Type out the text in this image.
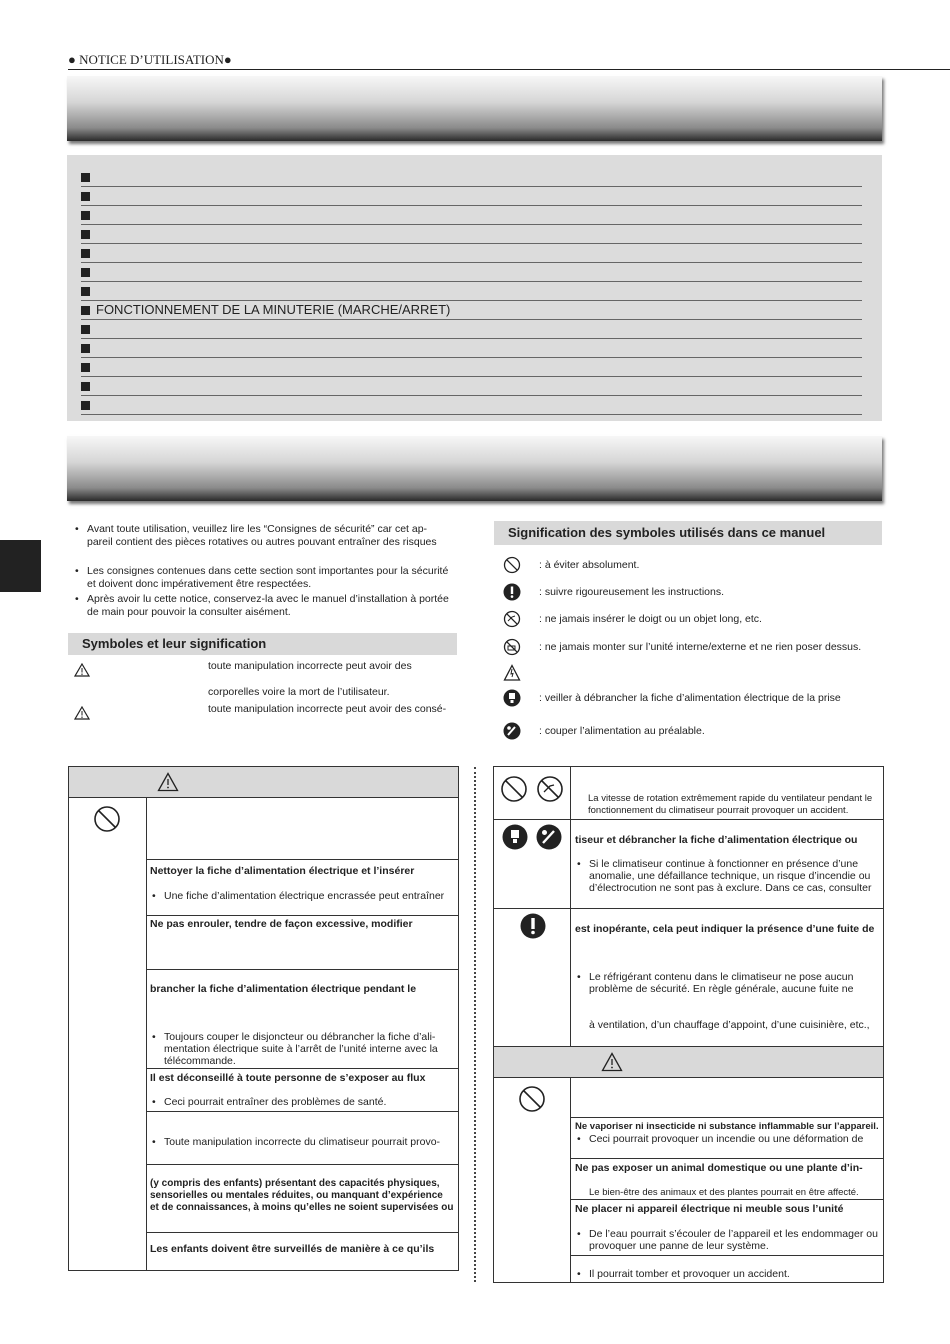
● NOTICE D’UTILISATION●
FONCTIONNEMENT DE LA MINUTERIE (MARCHE/ARRET)
• Avant toute utilisation, veuillez lire les “Consignes de sécurité” car cet ap-pareil contient des pièces rotatives ou autres pouvant entraîner des risques
• Les consignes contenues dans cette section sont importantes pour la sécurité et doivent donc impérativement être respectées.
• Après avoir lu cette notice, conservez-la avec le manuel d’installation à portée de main pour pouvoir la consulter aisément.
Symboles et leur signification
toute manipulation incorrecte peut avoir des
corporelles voire la mort de l’utilisateur.
toute manipulation incorrecte peut avoir des consé-
Signification des symboles utilisés dans ce manuel
: à éviter absolument.
: suivre rigoureusement les instructions.
: ne jamais insérer le doigt ou un objet long, etc.
: ne jamais monter sur l’unité interne/externe et ne rien poser dessus.
: veiller à débrancher la fiche d’alimentation électrique de la prise
: couper l’alimentation au préalable.
Nettoyer la fiche d’alimentation électrique et l’insérer
• Une fiche d’alimentation électrique encrassée peut entraîner
Ne pas enrouler, tendre de façon excessive, modifier
brancher la fiche d’alimentation électrique pendant le
• Toujours couper le disjoncteur ou débrancher la fiche d’ali-mentation électrique suite à l’arrêt de l’unité interne avec la télécommande.
Il est déconseillé à toute personne de s’exposer au flux
• Ceci pourrait entraîner des problèmes de santé.
• Toute manipulation incorrecte du climatiseur pourrait provo-
(y compris des enfants) présentant des capacités physiques, sensorielles ou mentales réduites, ou manquant d’expérience et de connaissances, à moins qu’elles ne soient supervisées ou
Les enfants doivent être surveillés de manière à ce qu’ils
La vitesse de rotation extrêmement rapide du ventilateur pendant le fonctionnement du climatiseur pourrait provoquer un accident.
tiseur et débrancher la fiche d’alimentation électrique ou
• Si le climatiseur continue à fonctionner en présence d’une anomalie, une défaillance technique, un risque d’incendie ou d’électrocution ne sont pas à exclure. Dans ce cas, consulter
est inopérante, cela peut indiquer la présence d’une fuite de
• Le réfrigérant contenu dans le climatiseur ne pose aucun problème de sécurité. En règle générale, aucune fuite ne
à ventilation, d’un chauffage d’appoint, d’une cuisinière, etc.,
Ne vaporiser ni insecticide ni substance inflammable sur l’appareil.
• Ceci pourrait provoquer un incendie ou une déformation de
Ne pas exposer un animal domestique ou une plante d’in-
Le bien-être des animaux et des plantes pourrait en être affecté.
Ne placer ni appareil électrique ni meuble sous l’unité
• De l’eau pourrait s’écouler de l’appareil et les endommager ou provoquer une panne de leur système.
• Il pourrait tomber et provoquer un accident.
